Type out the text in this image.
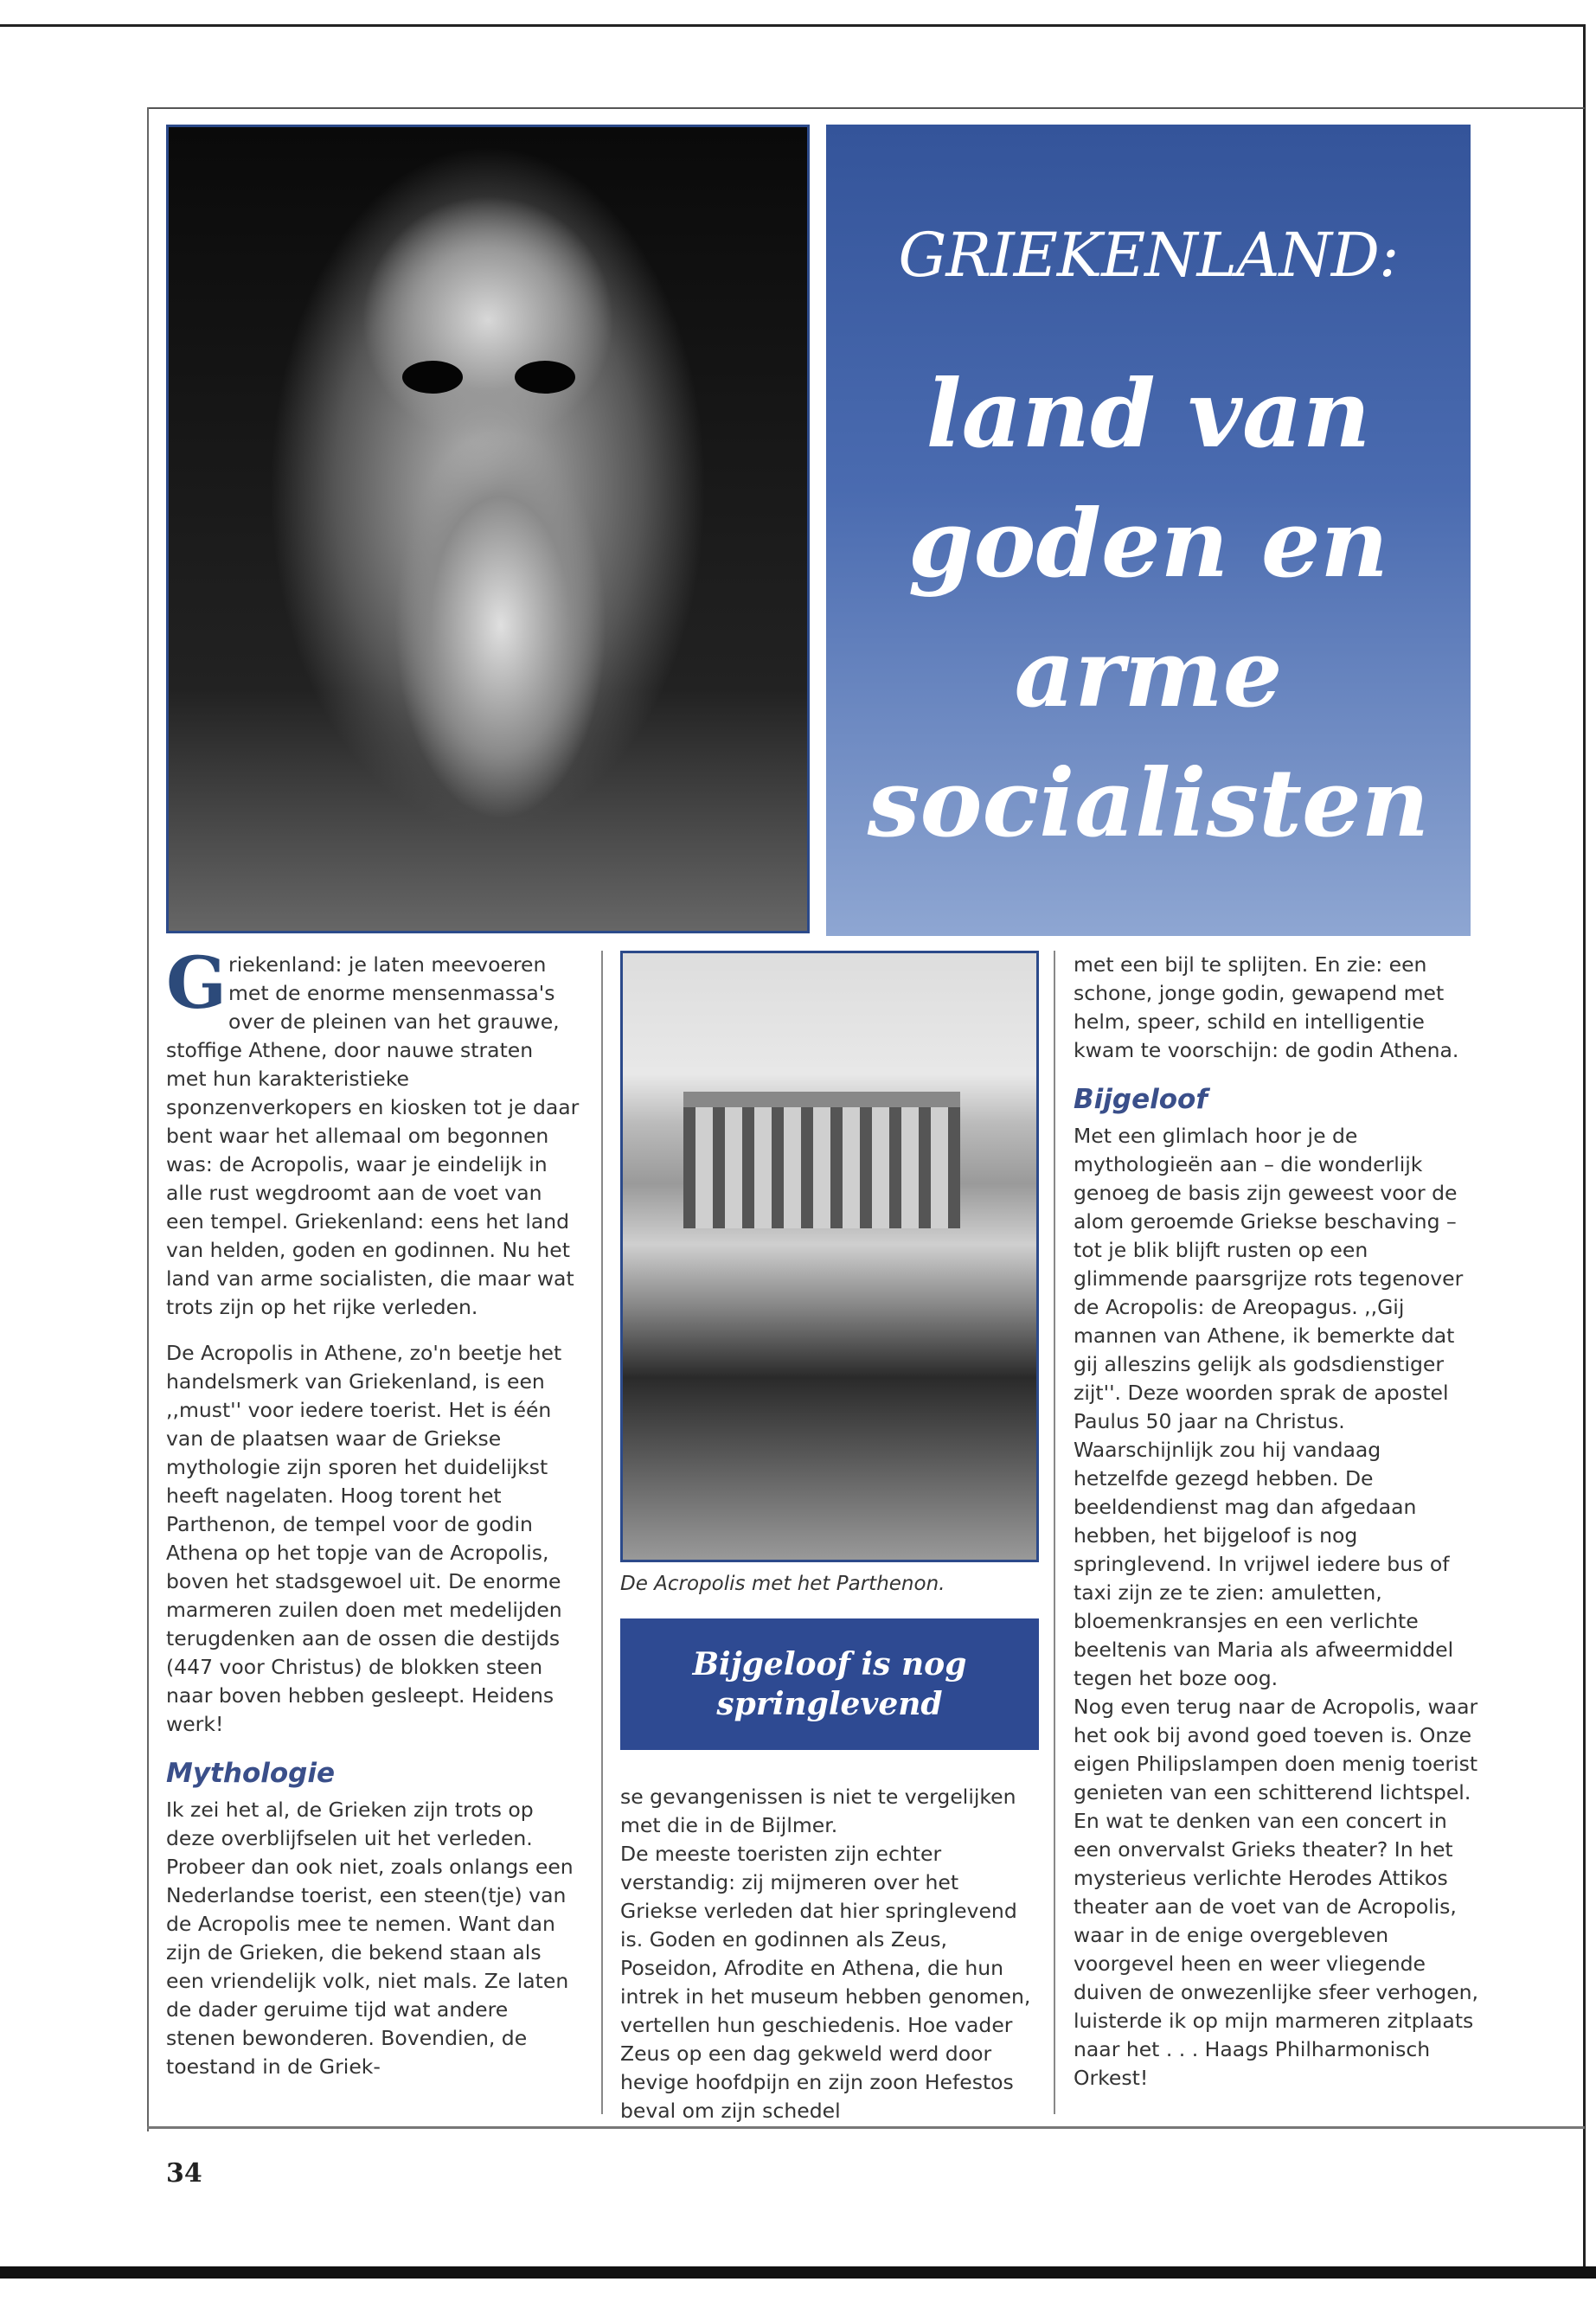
GRIEKENLAND:
land van
goden en
arme
socialisten

Griekenland: je laten meevoeren met de enorme mensenmassa's over de pleinen van het grauwe, stoffige Athene, door nauwe straten met hun karakteristieke sponzenverkopers en kiosken tot je daar bent waar het allemaal om begonnen was: de Acropolis, waar je eindelijk in alle rust wegdroomt aan de voet van een tempel. Griekenland: eens het land van helden, goden en godinnen. Nu het land van arme socialisten, die maar wat trots zijn op het rijke verleden.

De Acropolis in Athene, zo'n beetje het handelsmerk van Griekenland, is een ,,must'' voor iedere toerist. Het is één van de plaatsen waar de Griekse mythologie zijn sporen het duidelijkst heeft nagelaten. Hoog torent het Parthenon, de tempel voor de godin Athena op het topje van de Acropolis, boven het stadsgewoel uit. De enorme marmeren zuilen doen met medelijden terugdenken aan de ossen die destijds (447 voor Christus) de blokken steen naar boven hebben gesleept. Heidens werk!

Mythologie

Ik zei het al, de Grieken zijn trots op deze overblijfselen uit het verleden. Probeer dan ook niet, zoals onlangs een Nederlandse toerist, een steen(tje) van de Acropolis mee te nemen. Want dan zijn de Grieken, die bekend staan als een vriendelijk volk, niet mals. Ze laten de dader geruime tijd wat andere stenen bewonderen. Bovendien, de toestand in de Griek-

De Acropolis met het Parthenon.
Bijgeloof is nog springlevend

se gevangenissen is niet te vergelijken met die in de Bijlmer.

De meeste toeristen zijn echter verstandig: zij mijmeren over het Griekse verleden dat hier springlevend is. Goden en godinnen als Zeus, Poseidon, Afrodite en Athena, die hun intrek in het museum hebben genomen, vertellen hun geschiedenis. Hoe vader Zeus op een dag gekweld werd door hevige hoofdpijn en zijn zoon Hefestos beval om zijn schedel

met een bijl te splijten. En zie: een schone, jonge godin, gewapend met helm, speer, schild en intelligentie kwam te voorschijn: de godin Athena.

Bijgeloof

Met een glimlach hoor je de mythologieën aan – die wonderlijk genoeg de basis zijn geweest voor de alom geroemde Griekse beschaving – tot je blik blijft rusten op een glimmende paarsgrijze rots tegenover de Acropolis: de Areopagus. ,,Gij mannen van Athene, ik bemerkte dat gij alleszins gelijk als godsdienstiger zijt''. Deze woorden sprak de apostel Paulus 50 jaar na Christus.

Waarschijnlijk zou hij vandaag hetzelfde gezegd hebben. De beeldendienst mag dan afgedaan hebben, het bijgeloof is nog springlevend. In vrijwel iedere bus of taxi zijn ze te zien: amuletten, bloemenkransjes en een verlichte beeltenis van Maria als afweermiddel tegen het boze oog.

Nog even terug naar de Acropolis, waar het ook bij avond goed toeven is. Onze eigen Philipslampen doen menig toerist genieten van een schitterend lichtspel. En wat te denken van een concert in een onvervalst Grieks theater? In het mysterieus verlichte Herodes Attikos theater aan de voet van de Acropolis, waar in de enige overgebleven voorgevel heen en weer vliegende duiven de onwezenlijke sfeer verhogen, luisterde ik op mijn marmeren zitplaats naar het . . . Haags Philharmonisch Orkest!

34
